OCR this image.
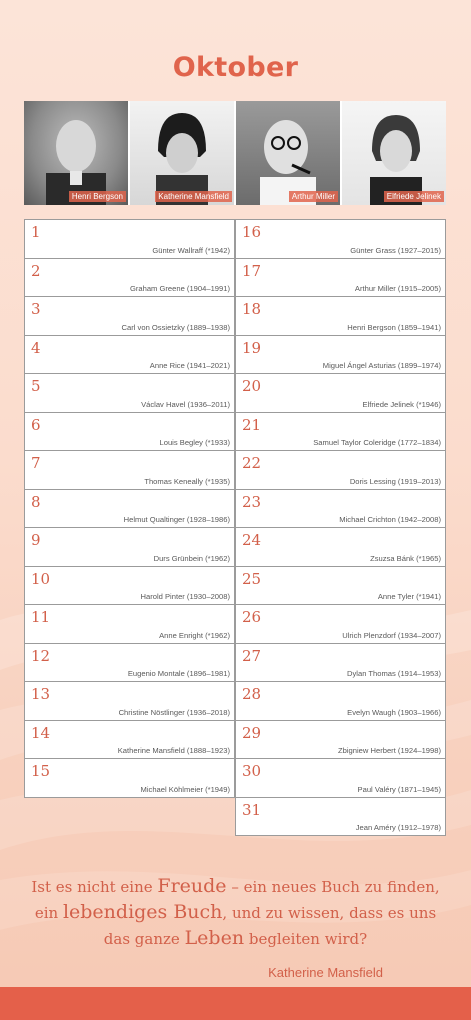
Oktober
Henri Bergson	Katherine Mansfield	Arthur Miller	Elfriede Jelinek
1
Günter Wallraff (*1942)
2
Graham Greene (1904–1991)
3
Carl von Ossietzky (1889–1938)
4
Anne Rice (1941–2021)
5
Václav Havel (1936–2011)
6
Louis Begley (*1933)
7
Thomas Keneally (*1935)
8
Helmut Qualtinger (1928–1986)
9
Durs Grünbein (*1962)
10
Harold Pinter (1930–2008)
11
Anne Enright (*1962)
12
Eugenio Montale (1896–1981)
13
Christine Nöstlinger (1936–2018)
14
Katherine Mansfield (1888–1923)
15
Michael Köhlmeier (*1949)
16
Günter Grass (1927–2015)
17
Arthur Miller (1915–2005)
18
Henri Bergson (1859–1941)
19
Miguel Ángel Asturias (1899–1974)
20
Elfriede Jelinek (*1946)
21
Samuel Taylor Coleridge (1772–1834)
22
Doris Lessing (1919–2013)
23
Michael Crichton (1942–2008)
24
Zsuzsa Bánk (*1965)
25
Anne Tyler (*1941)
26
Ulrich Plenzdorf (1934–2007)
27
Dylan Thomas (1914–1953)
28
Evelyn Waugh (1903–1966)
29
Zbigniew Herbert (1924–1998)
30
Paul Valéry (1871–1945)
31
Jean Améry (1912–1978)
Ist es nicht eine Freude – ein neues Buch zu finden, ein lebendiges Buch, und zu wissen, dass es uns das ganze Leben begleiten wird?
Katherine Mansfield
